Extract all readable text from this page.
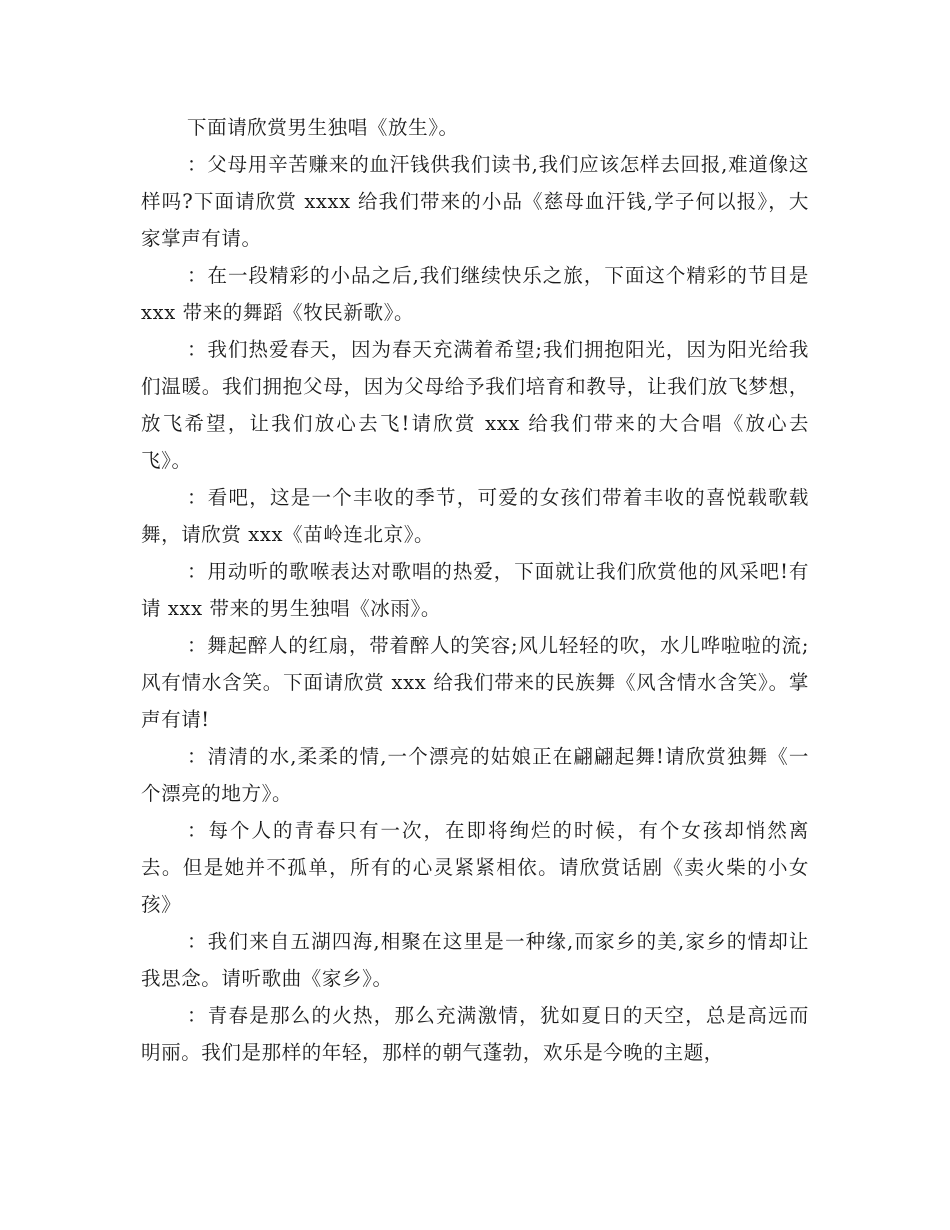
下面请欣赏男生独唱《放生》。

：父母用辛苦赚来的血汗钱供我们读书,我们应该怎样去回报,难道像这样吗?下面请欣赏 xxxx 给我们带来的小品《慈母血汗钱,学子何以报》，大家掌声有请。

：在一段精彩的小品之后,我们继续快乐之旅，下面这个精彩的节目是 xxx 带来的舞蹈《牧民新歌》。

：我们热爱春天，因为春天充满着希望;我们拥抱阳光，因为阳光给我们温暖。我们拥抱父母，因为父母给予我们培育和教导，让我们放飞梦想，放飞希望，让我们放心去飞!请欣赏 xxx 给我们带来的大合唱《放心去飞》。

：看吧，这是一个丰收的季节，可爱的女孩们带着丰收的喜悦载歌载舞，请欣赏 xxx《苗岭连北京》。

：用动听的歌喉表达对歌唱的热爱，下面就让我们欣赏他的风采吧!有请 xxx 带来的男生独唱《冰雨》。

：舞起醉人的红扇，带着醉人的笑容;风儿轻轻的吹，水儿哗啦啦的流;风有情水含笑。下面请欣赏 xxx 给我们带来的民族舞《风含情水含笑》。掌声有请!

：清清的水,柔柔的情,一个漂亮的姑娘正在翩翩起舞!请欣赏独舞《一个漂亮的地方》。

：每个人的青春只有一次，在即将绚烂的时候，有个女孩却悄然离去。但是她并不孤单，所有的心灵紧紧相依。请欣赏话剧《卖火柴的小女孩》

：我们来自五湖四海,相聚在这里是一种缘,而家乡的美,家乡的情却让我思念。请听歌曲《家乡》。

：青春是那么的火热，那么充满激情，犹如夏日的天空，总是高远而明丽。我们是那样的年轻，那样的朝气蓬勃，欢乐是今晚的主题，
